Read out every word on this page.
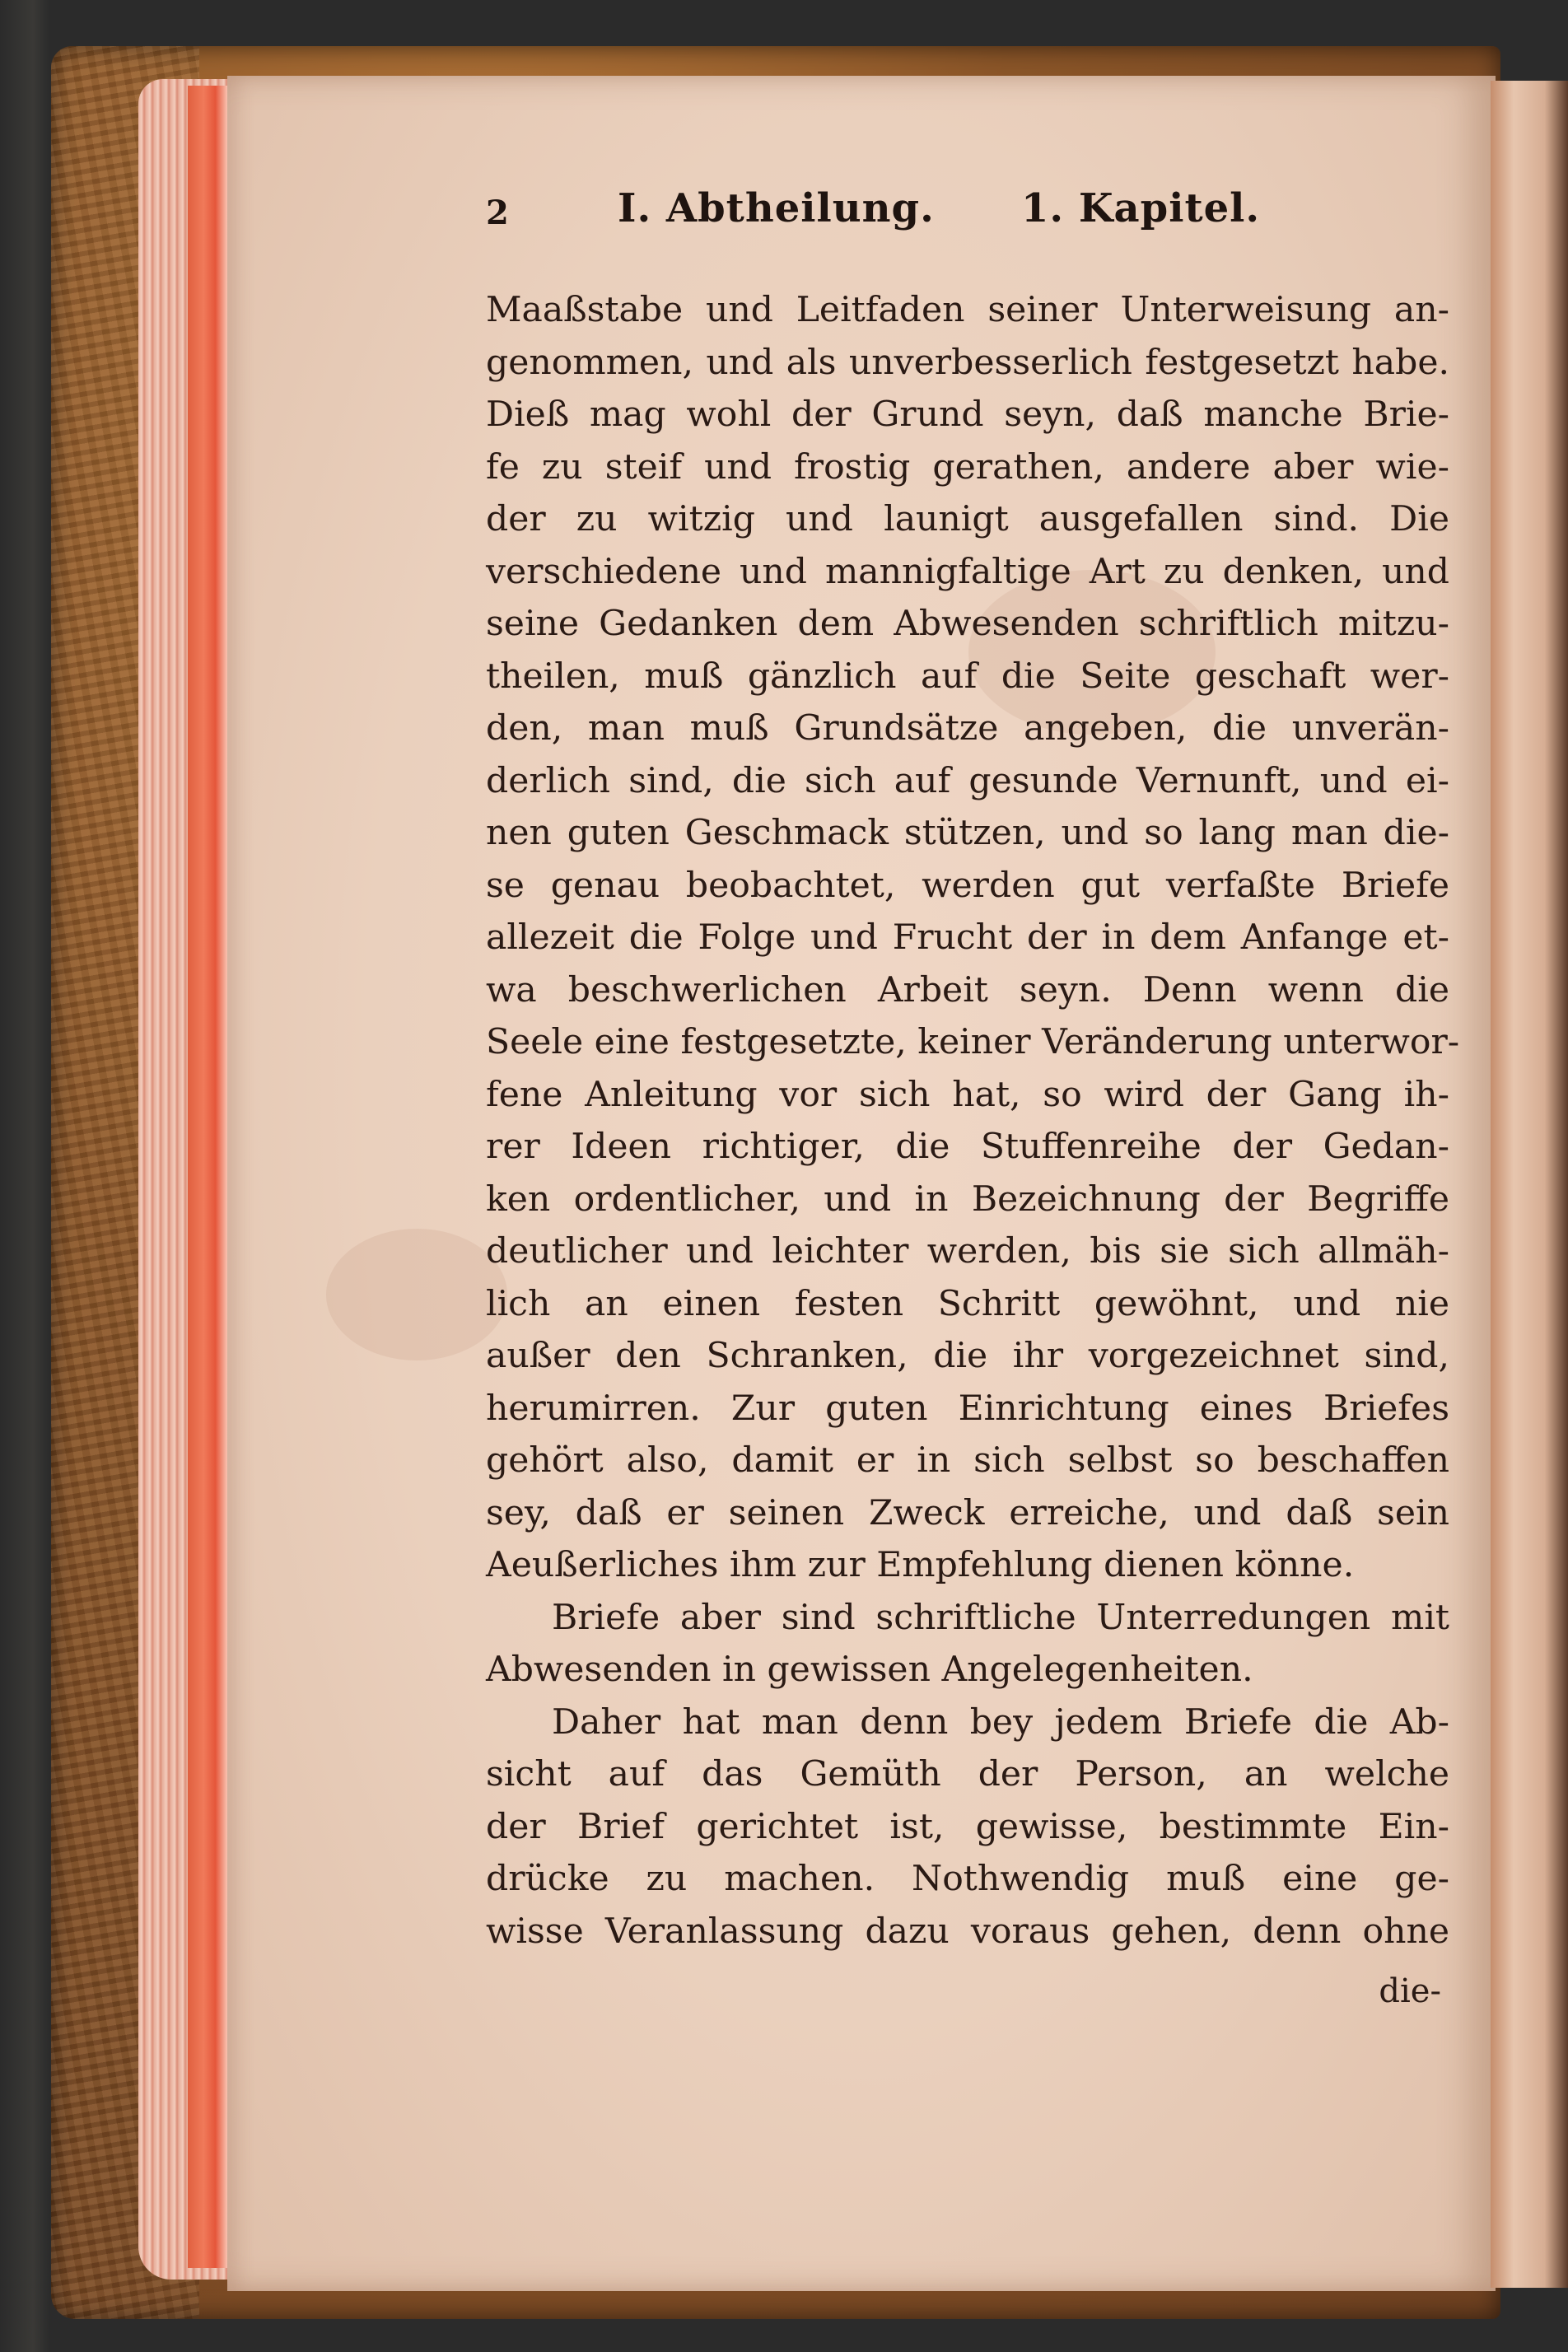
2	I. Abtheilung. 1. Kapitel.
Maaßstabe und Leitfaden seiner Unterweisung an-
genommen, und als unverbesserlich festgesetzt habe.
Dieß mag wohl der Grund seyn, daß manche Brie-
fe zu steif und frostig gerathen, andere aber wie-
der zu witzig und launigt ausgefallen sind. Die
verschiedene und mannigfaltige Art zu denken, und
seine Gedanken dem Abwesenden schriftlich mitzu-
theilen, muß gänzlich auf die Seite geschaft wer-
den, man muß Grundsätze angeben, die unverän-
derlich sind, die sich auf gesunde Vernunft, und ei-
nen guten Geschmack stützen, und so lang man die-
se genau beobachtet, werden gut verfaßte Briefe
allezeit die Folge und Frucht der in dem Anfange et-
wa beschwerlichen Arbeit seyn. Denn wenn die
Seele eine festgesetzte, keiner Veränderung unterwor-
fene Anleitung vor sich hat, so wird der Gang ih-
rer Ideen richtiger, die Stuffenreihe der Gedan-
ken ordentlicher, und in Bezeichnung der Begriffe
deutlicher und leichter werden, bis sie sich allmäh-
lich an einen festen Schritt gewöhnt, und nie
außer den Schranken, die ihr vorgezeichnet sind,
herumirren. Zur guten Einrichtung eines Briefes
gehört also, damit er in sich selbst so beschaffen
sey, daß er seinen Zweck erreiche, und daß sein
Aeußerliches ihm zur Empfehlung dienen könne.
Briefe aber sind schriftliche Unterredungen mit
Abwesenden in gewissen Angelegenheiten.
Daher hat man denn bey jedem Briefe die Ab-
sicht auf das Gemüth der Person, an welche
der Brief gerichtet ist, gewisse, bestimmte Ein-
drücke zu machen. Nothwendig muß eine ge-
wisse Veranlassung dazu voraus gehen, denn ohne
die-
